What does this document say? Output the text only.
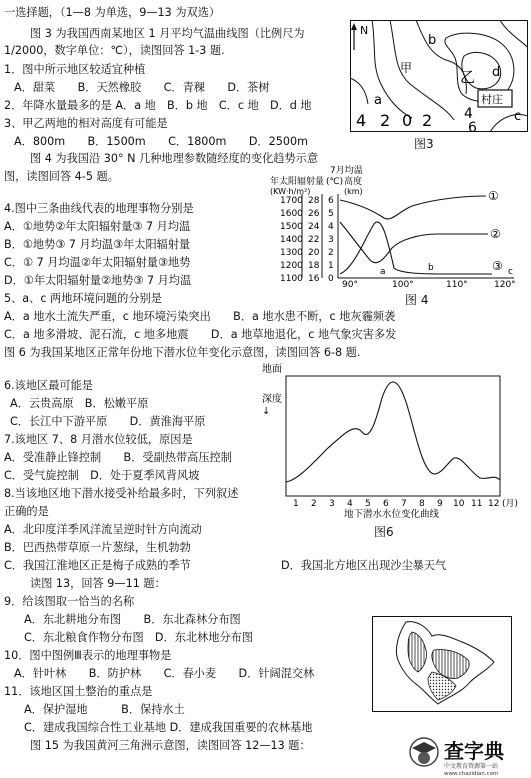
一选择题，（1—8 为单选，9—13 为双选）
图 3 为我国西南某地区 1 月平均气温曲线图（比例尺为
1/2000，数字单位：℃），读图回答 1-3 题.
1．图中所示地区较适宜种植
A．甜菜　　B．天然橡胶　　C．青稞　　D．茶树
2．年降水量最多的是 A．a 地　B．b 地　C．c 地　D．d 地
3、甲乙两地的相对高度有可能是
A．800m　　B．1500m　　C．1800m　　D．2500m
N
b
甲	乙 d
a
c
村庄
4 2 0 2 4
6
图3
图 4 为我国沿 30° N 几种地理参数随经度的变化趋势示意
图，读图回答 4-5 题。
4.图中三条曲线代表的地理事物分别是
A．①地势②年太阳辐射量③ 7 月均温
B．①地势③ 7 月均温③年太阳辐射量
C．① 7 月均温②年太阳辐射量③地势
D．①年太阳辐射量②地势③ 7 月均温
5、a、c 两地环境问题的分别是
A．a 地水土流失严重，c 地环境污染突出　　B．a 地水患不断，c 地灰霾频袭
C．a 地多滑坡、泥石流，c 地多地震　　D．a 地草地退化，c 地气象灾害多发
7月均温
年太阳辐射量 (℃) 高度
(KW·h/m²)	(km)
1700
1600
1500
1400
1300
1200
1100
28
26
24
22
20
18
16
6
5
4
3
2
1
0
90°	100°	110°	120°
①
②
③
a	b	c
图 4
图 6 为我国某地区正常年份地下潜水位年变化示意图，读图回答 6-8 题.
6.该地区最可能是
A．云贵高原　B．松嫩平原
C．长江中下游平原　　D．黄淮海平原
7.该地区 7、8 月潜水位较低，原因是
A．受准静止锋控制　　B．受副热带高压控制
C．受气旋控制　D．处于夏季风背风坡
8.当该地区地下潜水接受补给最多时，下列叙述
正确的是
A．北印度洋季风洋流呈逆时针方向流动
B．巴西热带草原一片葱绿，生机勃勃
C．我国江淮地区正是梅子成熟的季节	D．我国北方地区出现沙尘暴天气
地面
深度
↓
1 2 3 4 5 6 7 8 9 10 11 12 (月)
地下潜水水位变化曲线
图6
读图 13，回答 9—11 题：
9．给该图取一恰当的名称
A．东北耕地分布图　　B．东北森林分布图
C．东北粮食作物分布图　D．东北林地分布图
10．图中图例Ⅲ表示的地理事物是
A．针叶林　　B．防护林　　C．春小麦　　D．针阔混交林
11．该地区国土整治的重点是
A．保护湿地　　　B．保持水土
C．建成我国综合性工业基地 D．建成我国重要的农林基地
图 15 为我国黄河三角洲示意图，读图回答 12—13 题：	查字典
中文教育资源第一站
www.chazidian.com
